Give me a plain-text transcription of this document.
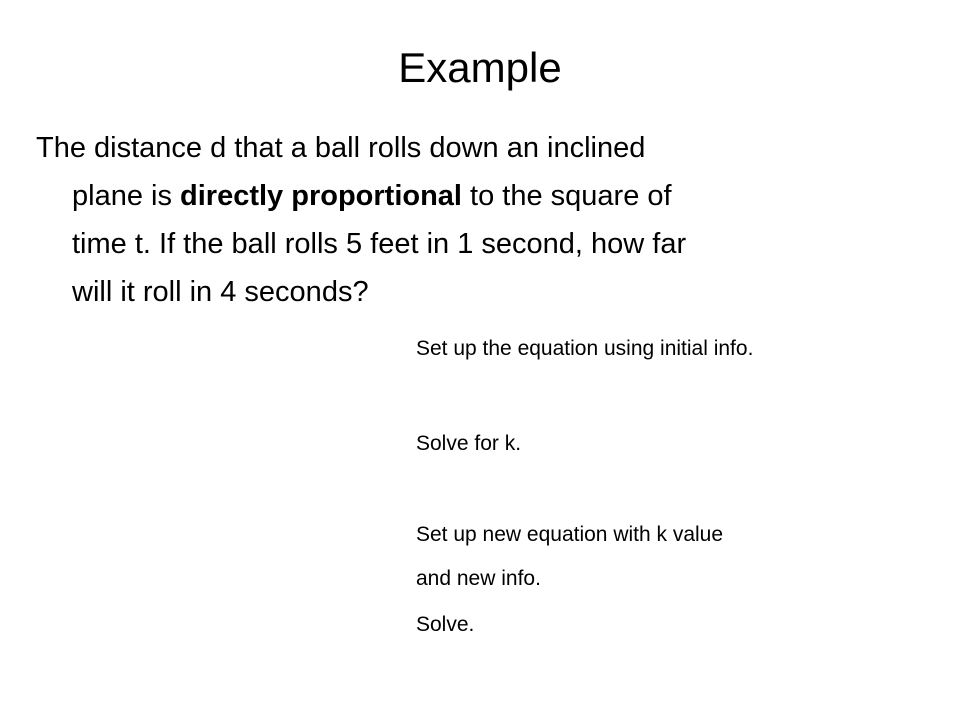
Example

The distance d that a ball rolls down an inclined
plane is directly proportional to the square of
time t. If the ball rolls 5 feet in 1 second, how far
will it roll in 4 seconds?

Set up the equation using initial info.
Solve for k.
Set up new equation with k value
and new info.
Solve.
